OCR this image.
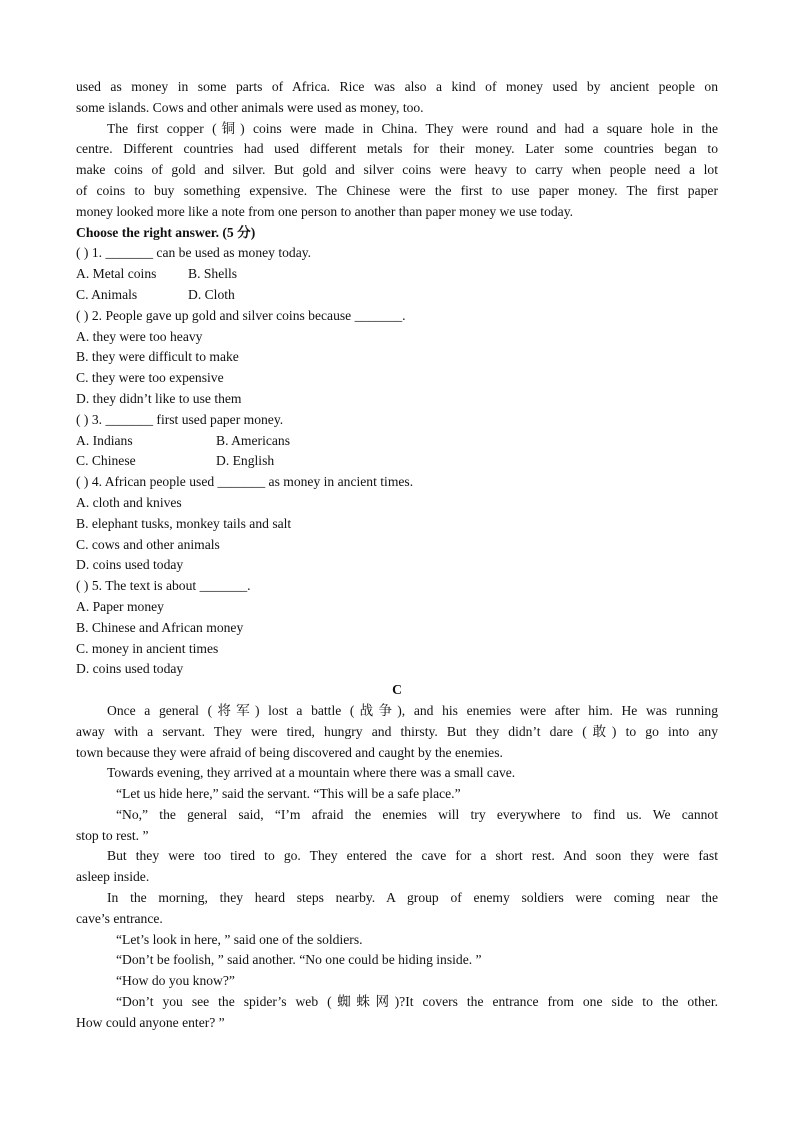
used as money in some parts of Africa. Rice was also a kind of money used by ancient people on
some islands. Cows and other animals were used as money, too.
The first copper (铜) coins were made in China. They were round and had a square hole in the
centre. Different countries had used different metals for their money. Later some countries began to
make coins of gold and silver. But gold and silver coins were heavy to carry when people need a lot
of coins to buy something expensive. The Chinese were the first to use paper money. The first paper
money looked more like a note from one person to another than paper money we use today.
Choose the right answer. (5 分)
( ) 1. _______ can be used as money today.
A. Metal coins B. Shells
C. Animals	D. Cloth
( ) 2. People gave up gold and silver coins because _______.
A. they were too heavy
B. they were difficult to make
C. they were too expensive
D. they didn’t like to use them
( ) 3. _______ first used paper money.
A. Indians	B. Americans
C. Chinese	D. English
( ) 4. African people used _______ as money in ancient times.
A. cloth and knives
B. elephant tusks, monkey tails and salt
C. cows and other animals
D. coins used today
( ) 5. The text is about _______.
A. Paper money
B. Chinese and African money
C. money in ancient times
D. coins used today
C
Once a general (将军) lost a battle (战争), and his enemies were after him. He was running
away with a servant. They were tired, hungry and thirsty. But they didn’t dare (敢) to go into any
town because they were afraid of being discovered and caught by the enemies.
Towards evening, they arrived at a mountain where there was a small cave.
“Let us hide here,” said the servant. “This will be a safe place.”
“No,” the general said, “I’m afraid the enemies will try everywhere to find us. We cannot
stop to rest. ”
But they were too tired to go. They entered the cave for a short rest. And soon they were fast
asleep inside.
In the morning, they heard steps nearby. A group of enemy soldiers were coming near the
cave’s entrance.
“Let’s look in here, ” said one of the soldiers.
“Don’t be foolish, ” said another. “No one could be hiding inside. ”
“How do you know?”
“Don’t you see the spider’s web (蜘蛛网)?It covers the entrance from one side to the other.
How could anyone enter? ”
